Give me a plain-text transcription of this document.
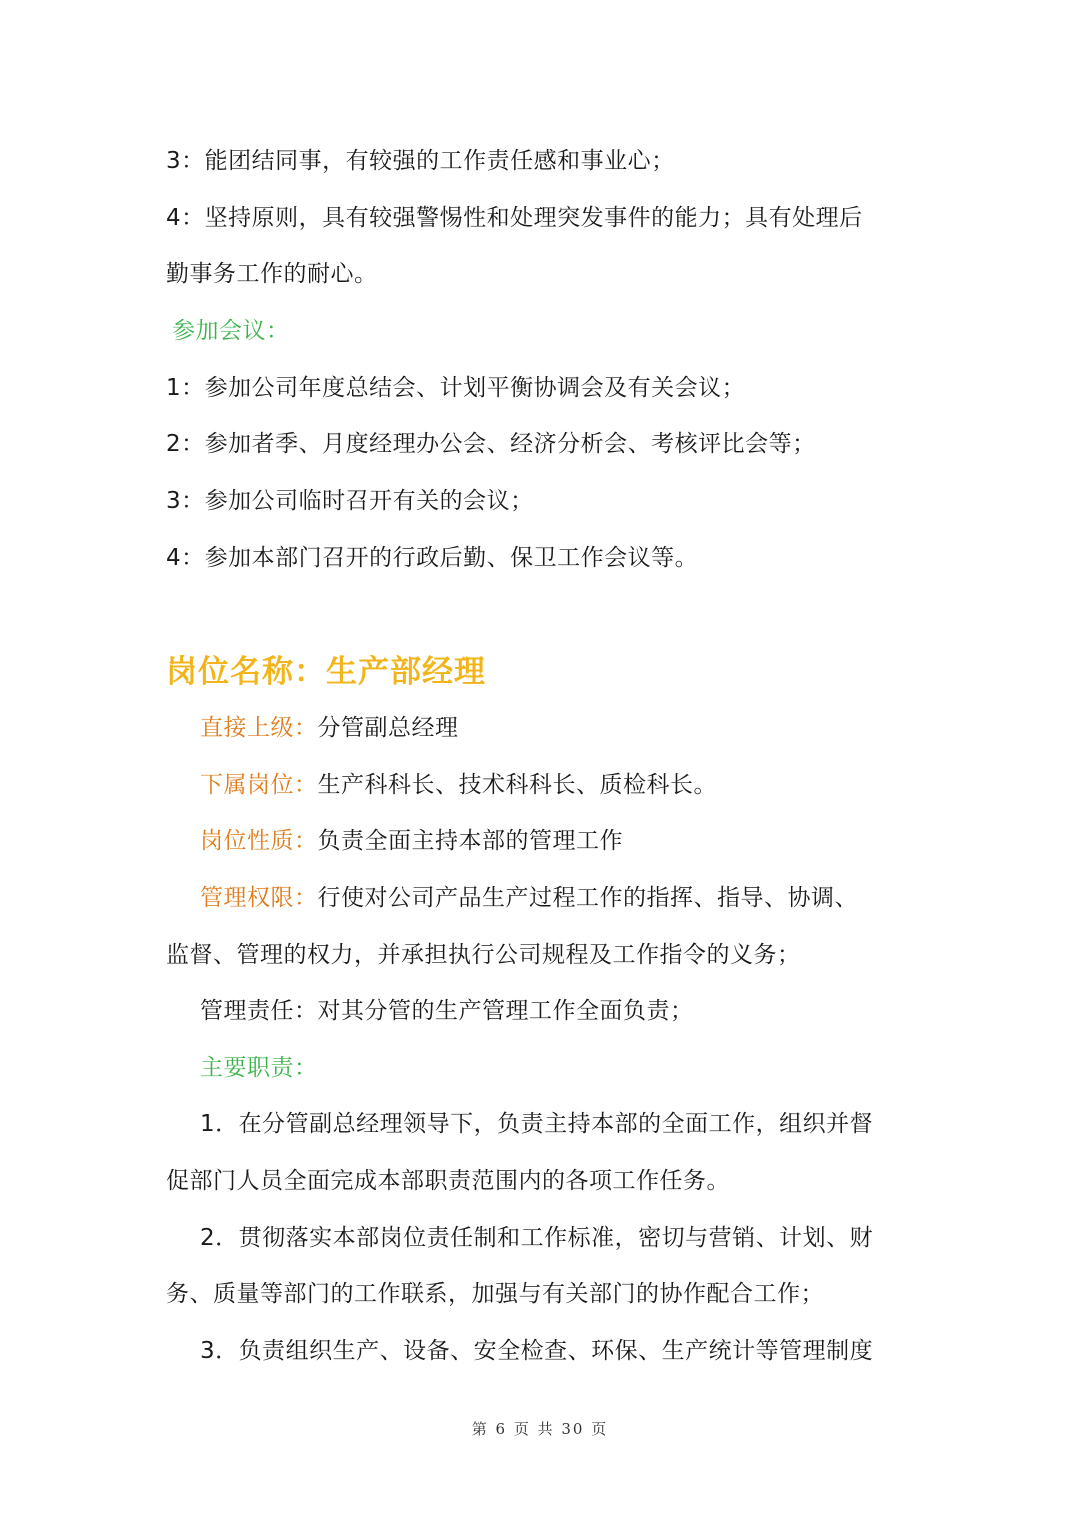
3：能团结同事，有较强的工作责任感和事业心；
4：坚持原则，具有较强警惕性和处理突发事件的能力；具有处理后
勤事务工作的耐心。
参加会议：
1：参加公司年度总结会、计划平衡协调会及有关会议；
2：参加者季、月度经理办公会、经济分析会、考核评比会等；
3：参加公司临时召开有关的会议；
4：参加本部门召开的行政后勤、保卫工作会议等。
岗位名称：生产部经理
直接上级：分管副总经理
下属岗位：生产科科长、技术科科长、质检科长。
岗位性质：负责全面主持本部的管理工作
管理权限：行使对公司产品生产过程工作的指挥、指导、协调、
监督、管理的权力，并承担执行公司规程及工作指令的义务；
管理责任：对其分管的生产管理工作全面负责；
主要职责：
1．在分管副总经理领导下，负责主持本部的全面工作，组织并督
促部门人员全面完成本部职责范围内的各项工作任务。
2．贯彻落实本部岗位责任制和工作标准，密切与营销、计划、财
务、质量等部门的工作联系，加强与有关部门的协作配合工作；
3．负责组织生产、设备、安全检查、环保、生产统计等管理制度
第 6 页 共 30 页
